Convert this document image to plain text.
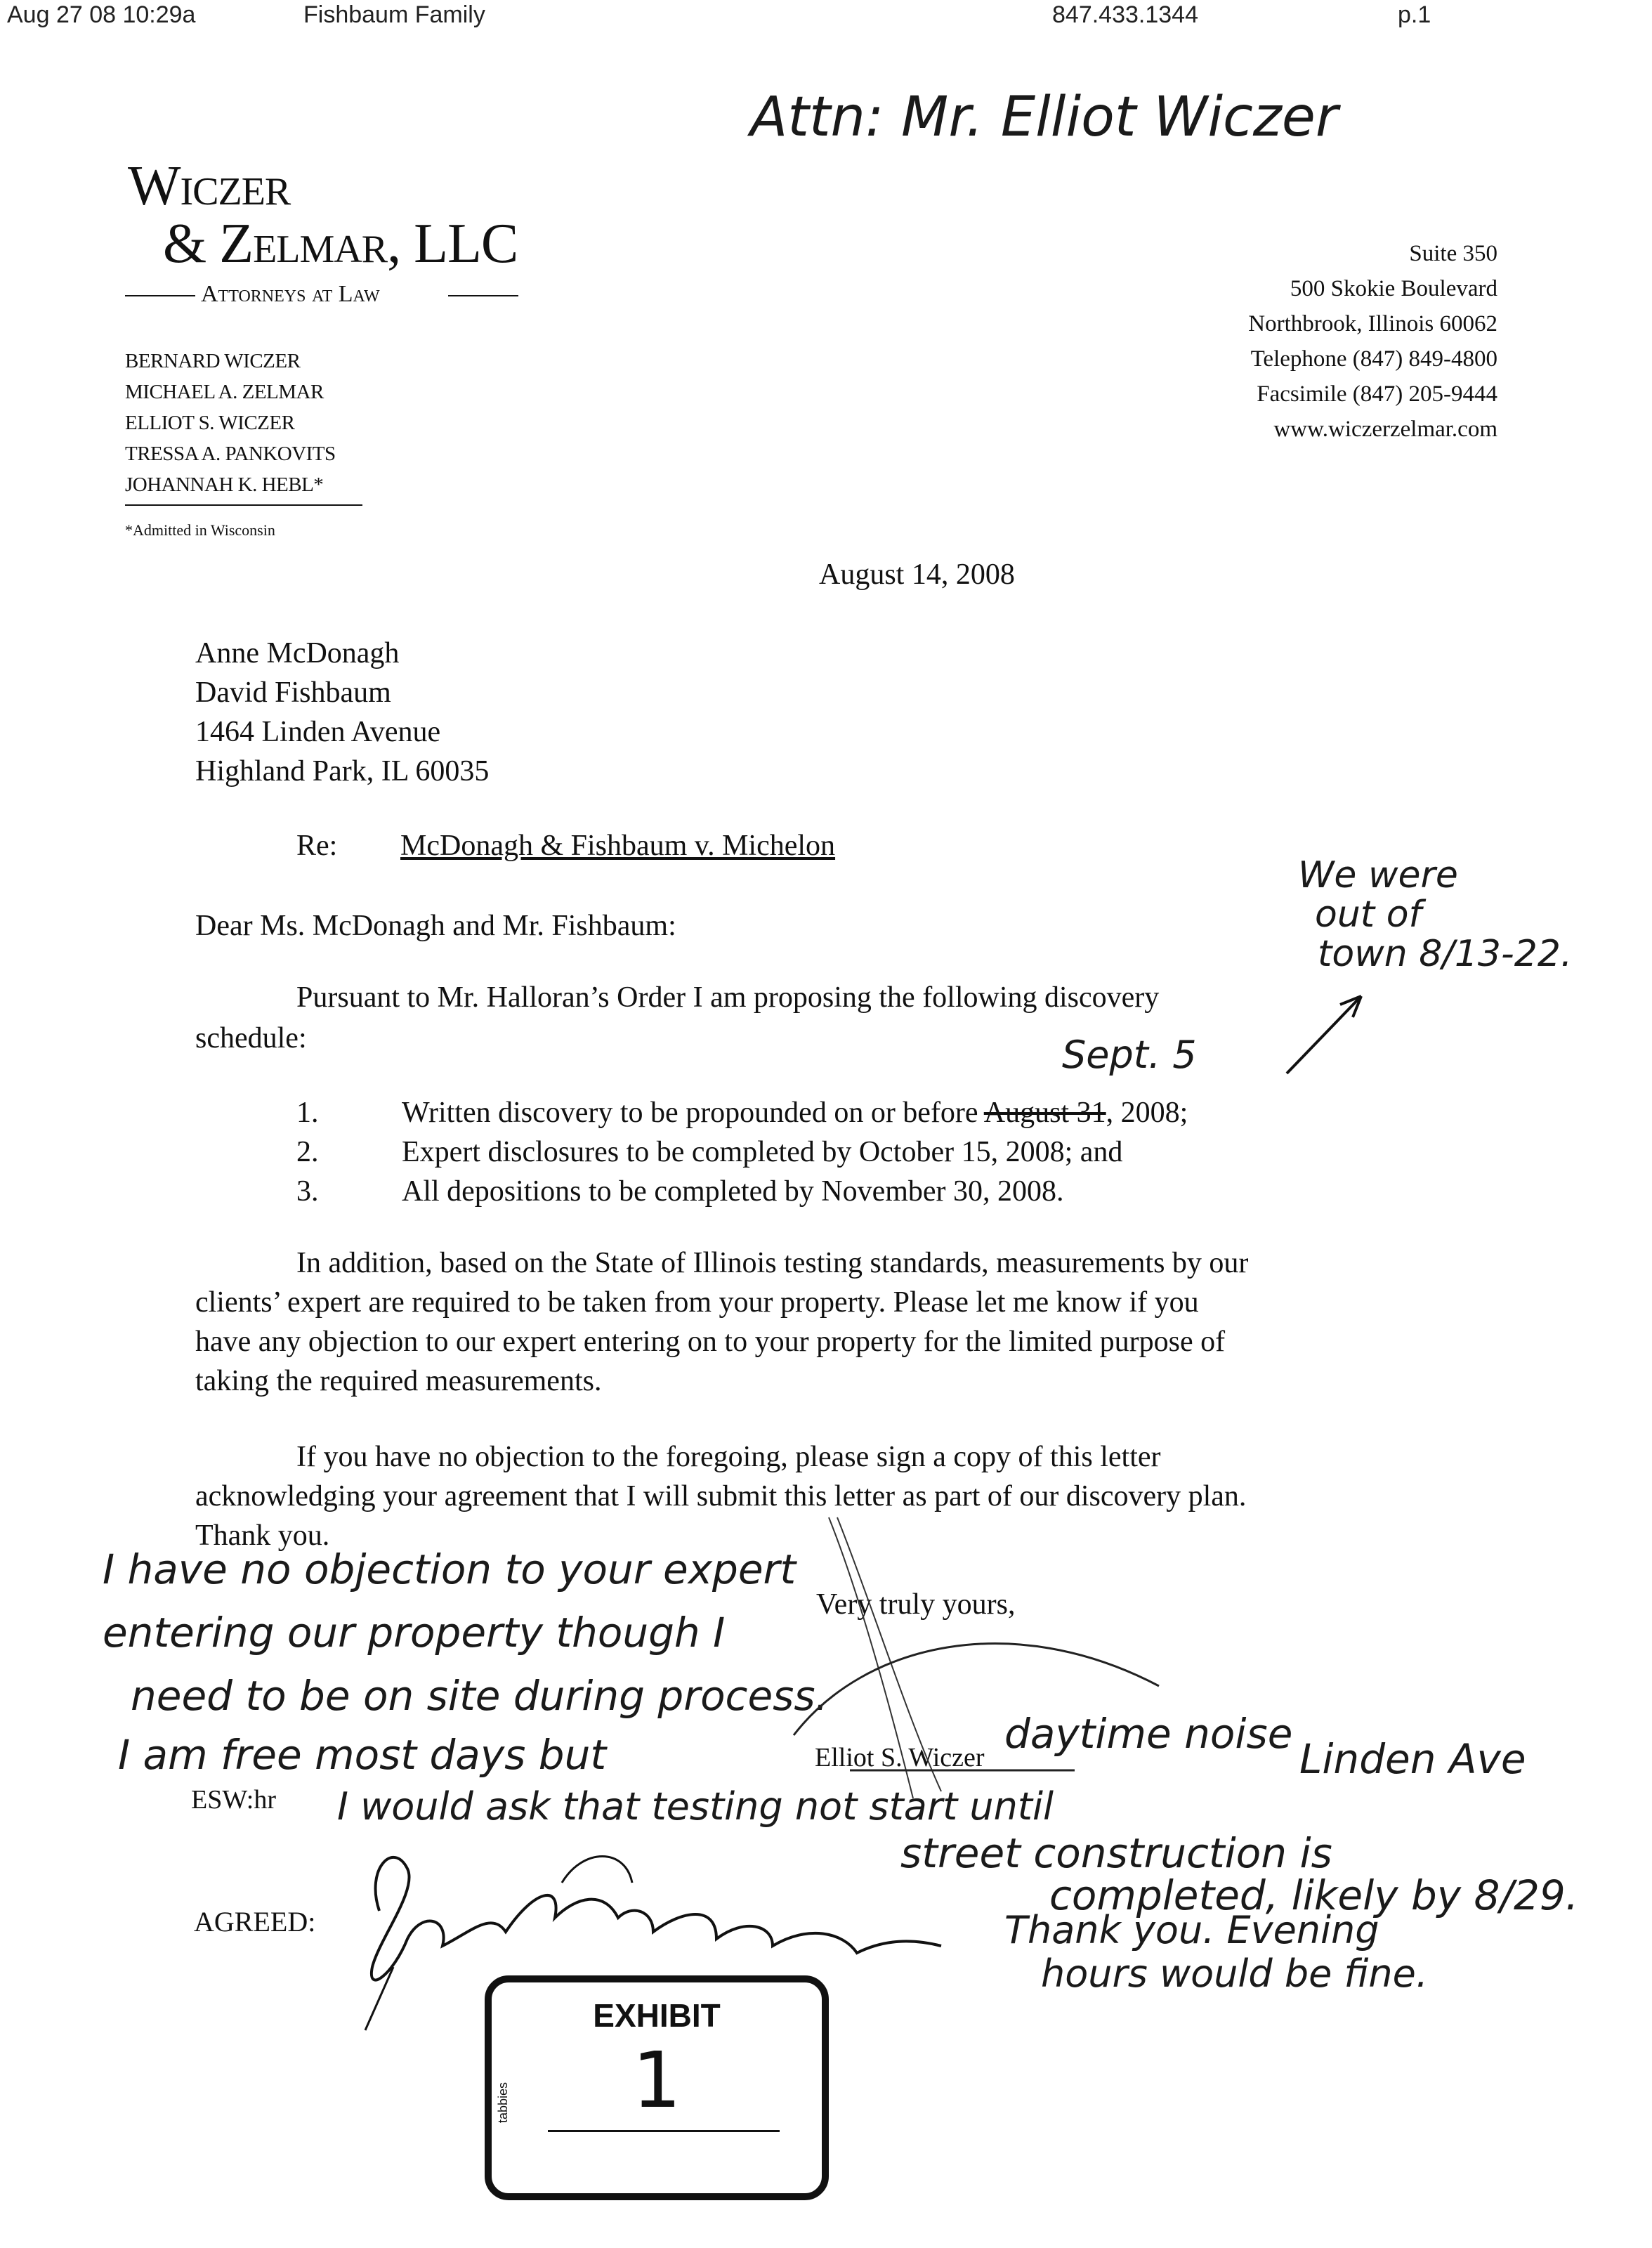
Aug 27 08 10:29a	Fishbaum Family	847.433.1344	p.1
Attn: Mr. Elliot Wiczer
Wiczer
& Zelmar, LLC
Attorneys at Law
BERNARD WICZER
MICHAEL A. ZELMAR
ELLIOT S. WICZER
TRESSA A. PANKOVITS
JOHANNAH K. HEBL*
*Admitted in Wisconsin
Suite 350
500 Skokie Boulevard
Northbrook, Illinois 60062
Telephone (847) 849-4800
Facsimile (847) 205-9444
www.wiczerzelmar.com
August 14, 2008
Anne McDonagh
David Fishbaum
1464 Linden Avenue
Highland Park, IL 60035
Re: McDonagh & Fishbaum v. Michelon
Dear Ms. McDonagh and Mr. Fishbaum:
Pursuant to Mr. Halloran’s Order I am proposing the following discovery
schedule:
1.	Written discovery to be propounded on or before August 31, 2008;
2.	Expert disclosures to be completed by October 15, 2008; and
3.	All depositions to be completed by November 30, 2008.
In addition, based on the State of Illinois testing standards, measurements by our
clients’ expert are required to be taken from your property. Please let me know if you
have any objection to our expert entering on to your property for the limited purpose of
taking the required measurements.
If you have no objection to the foregoing, please sign a copy of this letter
acknowledging your agreement that I will submit this letter as part of our discovery plan.
Thank you.
Very truly yours,
Elliot S. Wiczer
ESW:hr
AGREED:
We were
out of
town 8/13-22.
Sept. 5
I have no objection to your expert
entering our property though I
need to be on site during process.
I am free most days but	daytime noise
I would ask that testing not start until
Linden Ave
street construction is
completed, likely by 8/29.
Thank you. Evening
hours would be fine.
EXHIBIT
tabbies	1
